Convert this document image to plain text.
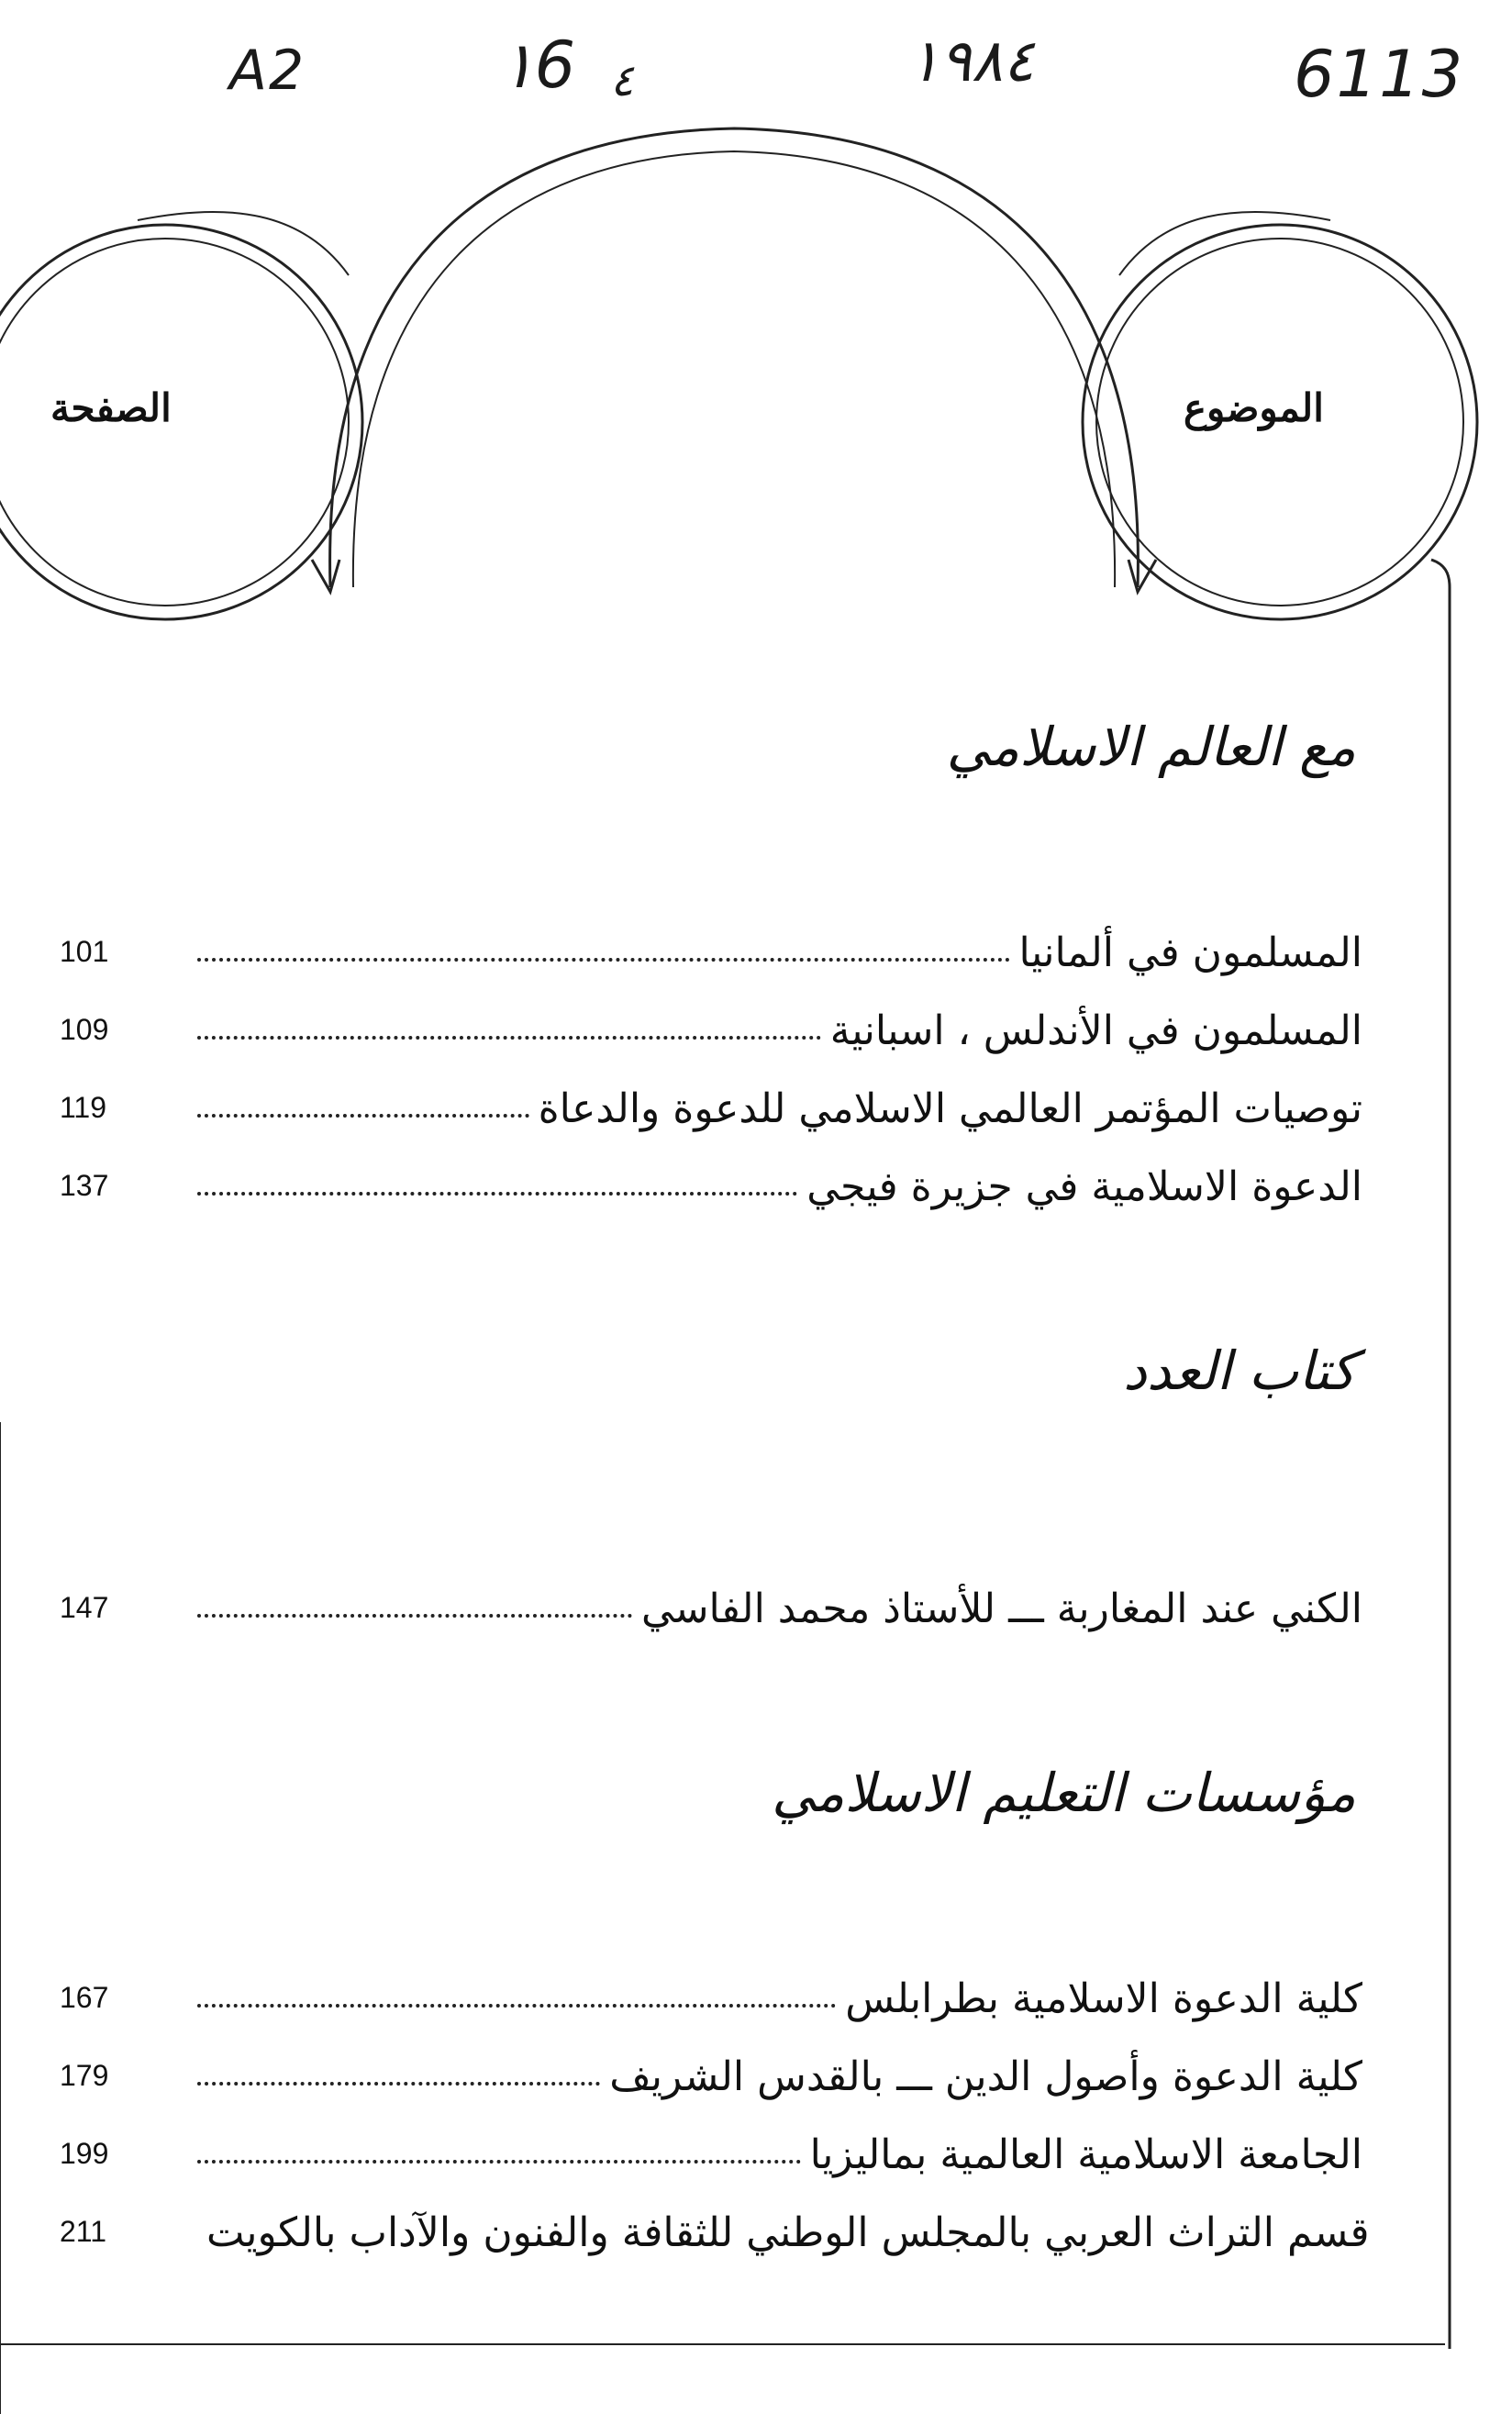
6113
١٩٨٤
١6 ٤
A2
الموضوع
الصفحة
مع العالم الاسلامي
101	المسلمون في ألمانيا
109	المسلمون في الأندلس ، اسبانية
119	توصيات المؤتمر العالمي الاسلامي للدعوة والدعاة
137	الدعوة الاسلامية في جزيرة فيجي
كتاب العدد
147	الكني عند المغاربة ـــ للأستاذ محمد الفاسي
مؤسسات التعليم الاسلامي
167	كلية الدعوة الاسلامية بطرابلس
179	كلية الدعوة وأصول الدين ـــ بالقدس الشريف
199	الجامعة الاسلامية العالمية بماليزيا
211	قسم التراث العربي بالمجلس الوطني للثقافة والفنون والآداب بالكويت
